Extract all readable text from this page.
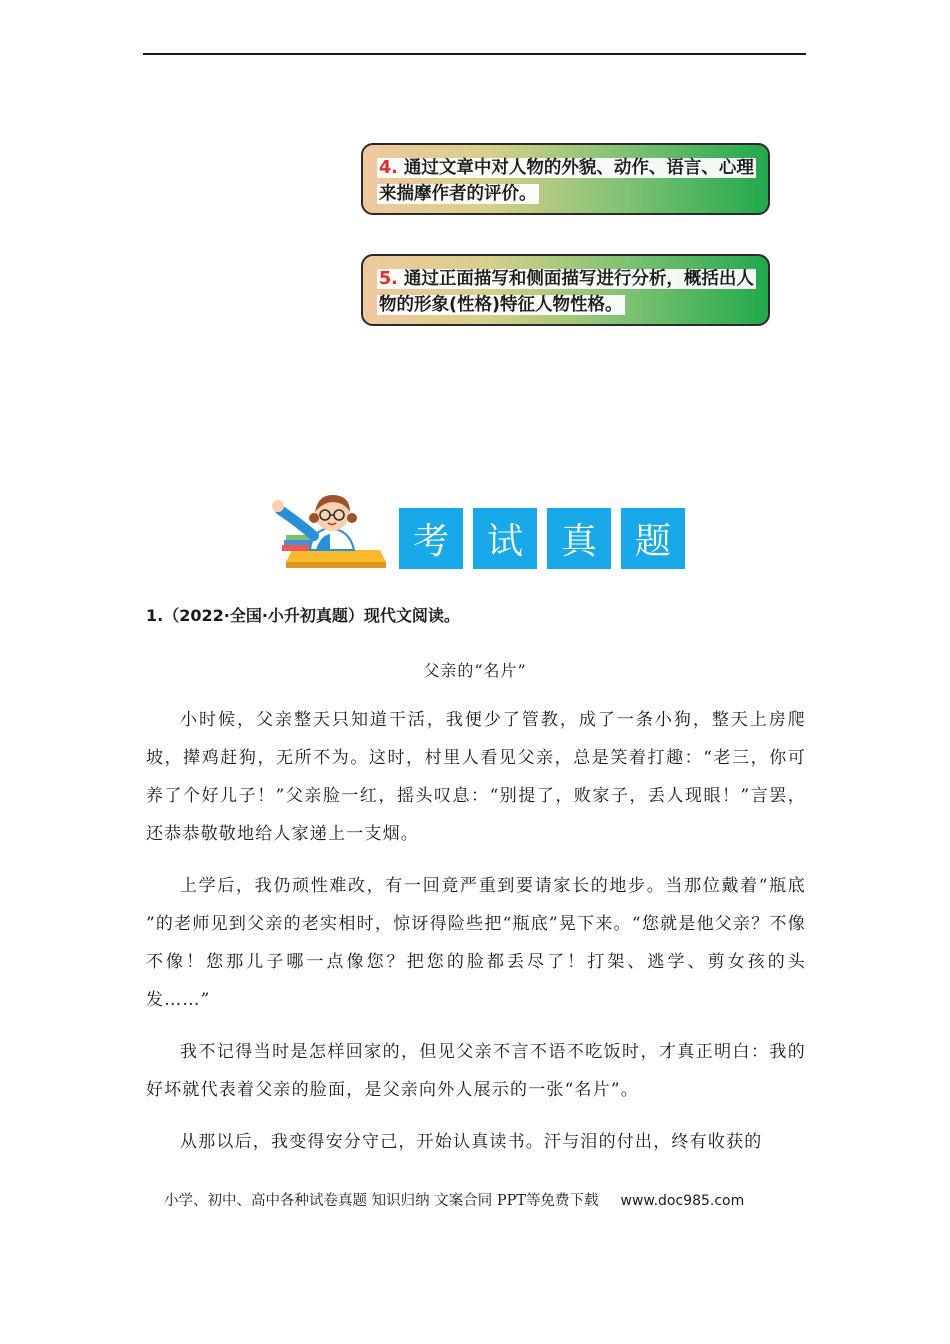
4. 通过文章中对人物的外貌、动作、语言、心理来揣摩作者的评价。
5. 通过正面描写和侧面描写进行分析，概括出人物的形象(性格)特征人物性格。
考	试	真	题
1.（2022·全国·小升初真题）现代文阅读。
父亲的“名片”

小时候，父亲整天只知道干活，我便少了管教，成了一条小狗，整天上房爬坡，撵鸡赶狗，无所不为。这时，村里人看见父亲，总是笑着打趣：“老三，你可养了个好儿子！”父亲脸一红，摇头叹息：“别提了，败家子，丢人现眼！”言罢，还恭恭敬敬地给人家递上一支烟。

上学后，我仍顽性难改，有一回竟严重到要请家长的地步。当那位戴着“瓶底 ”的老师见到父亲的老实相时，惊讶得险些把“瓶底”晃下来。“您就是他父亲？不像不像！您那儿子哪一点像您？把您的脸都丢尽了！打架、逃学、剪女孩的头发……”

我不记得当时是怎样回家的，但见父亲不言不语不吃饭时，才真正明白：我的好坏就代表着父亲的脸面，是父亲向外人展示的一张“名片”。

从那以后，我变得安分守己，开始认真读书。汗与泪的付出，终有收获的

小学、初中、高中各种试卷真题 知识归纳 文案合同 PPT等免费下载 www.doc985.com
